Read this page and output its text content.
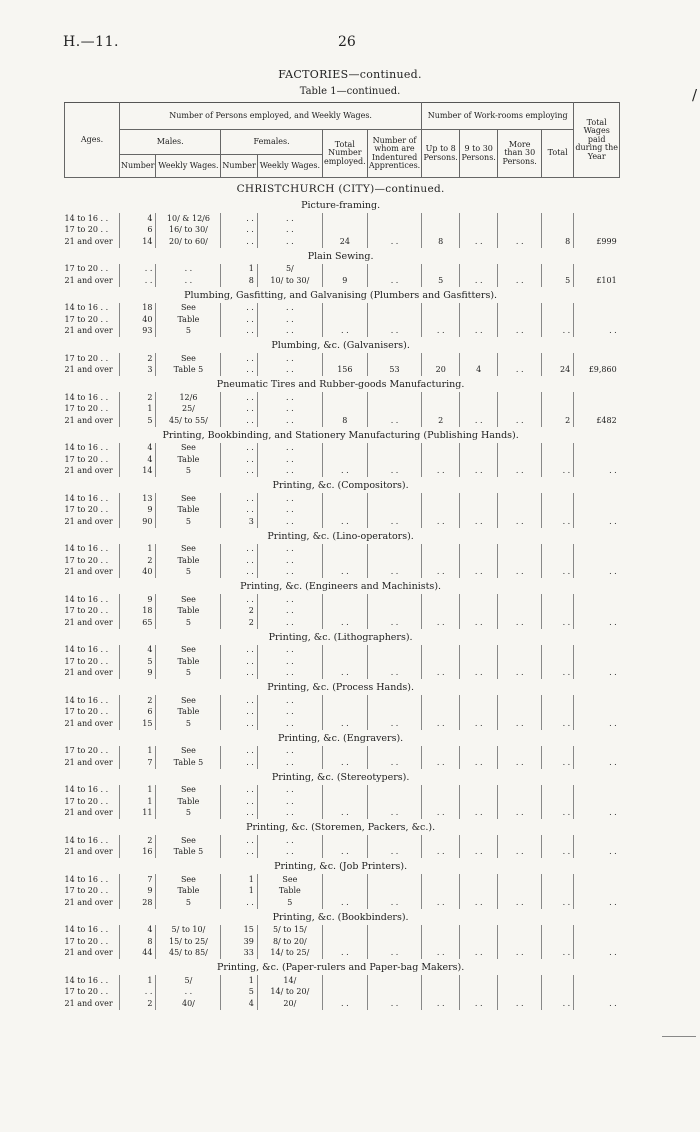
H.—11.	26
FACTORIES—continued.
Table 1—continued.	/
Ages.	Number of Persons employed, and Weekly Wages.						Number of Work-rooms employing				Total Wages paid during the Year
	Males.		Females.		Total Number employed.	Number of whom are Indentured Apprentices.	Up to 8 Persons.	9 to 30 Persons.	More than 30 Persons.	Total	
	Number	Weekly Wages.	Number	Weekly Wages.							
CHRISTCHURCH (CITY)—continued.											
Picture-framing.											
14 to 16 . .	4	10/ & 12/6	. .	. .							
17 to 20 . .	6	16/ to 30/	. .	. .							
21 and over	14	20/ to 60/	. .	. .	24	. .	8	. .	. .	8	£999
Plain Sewing.											
17 to 20 . .	. .	. .	1	5/							
21 and over	. .	. .	8	10/ to 30/	9	. .	5	. .	. .	5	£101
Plumbing, Gasfitting, and Galvanising (Plumbers and Gasfitters).											
14 to 16 . .	18	See	. .	. .							
17 to 20 . .	40	Table	. .	. .							
21 and over	93	5	. .	. .	. .	. .	. .	. .	. .	. .	. .
Plumbing, &c. (Galvanisers).											
17 to 20 . .	2	See	. .	. .							
21 and over	3	Table 5	. .	. .	156	53	20	4	. .	24	£9,860
Pneumatic Tires and Rubber-goods Manufacturing.											
14 to 16 . .	2	12/6	. .	. .							
17 to 20 . .	1	25/	. .	. .							
21 and over	5	45/ to 55/	. .	. .	8	. .	2	. .	. .	2	£482
Printing, Bookbinding, and Stationery Manufacturing (Publishing Hands).											
14 to 16 . .	4	See	. .	. .							
17 to 20 . .	4	Table	. .	. .							
21 and over	14	5	. .	. .	. .	. .	. .	. .	. .	. .	. .
Printing, &c. (Compositors).											
14 to 16 . .	13	See	. .	. .							
17 to 20 . .	9	Table	. .	. .							
21 and over	90	5	3	. .	. .	. .	. .	. .	. .	. .	. .
Printing, &c. (Lino-operators).											
14 to 16 . .	1	See	. .	. .							
17 to 20 . .	2	Table	. .	. .							
21 and over	40	5	. .	. .	. .	. .	. .	. .	. .	. .	. .
Printing, &c. (Engineers and Machinists).											
14 to 16 . .	9	See	. .	. .							
17 to 20 . .	18	Table	2	. .							
21 and over	65	5	2	. .	. .	. .	. .	. .	. .	. .	. .
Printing, &c. (Lithographers).											
14 to 16 . .	4	See	. .	. .							
17 to 20 . .	5	Table	. .	. .							
21 and over	9	5	. .	. .	. .	. .	. .	. .	. .	. .	. .
Printing, &c. (Process Hands).											
14 to 16 . .	2	See	. .	. .							
17 to 20 . .	6	Table	. .	. .							
21 and over	15	5	. .	. .	. .	. .	. .	. .	. .	. .	. .
Printing, &c. (Engravers).											
17 to 20 . .	1	See	. .	. .							
21 and over	7	Table 5	. .	. .	. .	. .	. .	. .	. .	. .	. .
Printing, &c. (Stereotypers).											
14 to 16 . .	1	See	. .	. .							
17 to 20 . .	1	Table	. .	. .							
21 and over	11	5	. .	. .	. .	. .	. .	. .	. .	. .	. .
Printing, &c. (Storemen, Packers, &c.).											
14 to 16 . .	2	See	. .	. .							
21 and over	16	Table 5	. .	. .	. .	. .	. .	. .	. .	. .	. .
Printing, &c. (Job Printers).											
14 to 16 . .	7	See	1	See							
17 to 20 . .	9	Table	1	Table							
21 and over	28	5	. .	5	. .	. .	. .	. .	. .	. .	. .
Printing, &c. (Bookbinders).											
14 to 16 . .	4	5/ to 10/	15	5/ to 15/							
17 to 20 . .	8	15/ to 25/	39	8/ to 20/							
21 and over	44	45/ to 85/	33	14/ to 25/	. .	. .	. .	. .	. .	. .	. .
Printing, &c. (Paper-rulers and Paper-bag Makers).											
14 to 16 . .	1	5/	1	14/							
17 to 20 . .	. .	. .	5	14/ to 20/							
21 and over	2	40/	4	20/	. .	. .	. .	. .	. .	. .	. .
